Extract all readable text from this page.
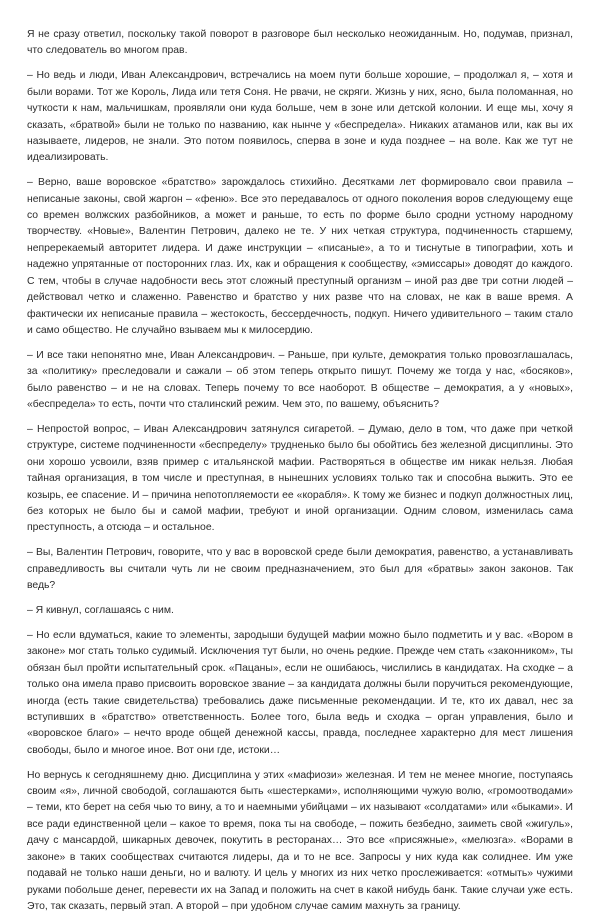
Я не сразу ответил, поскольку такой поворот в разговоре был несколько неожиданным. Но, подумав, признал, что следователь во многом прав.

– Но ведь и люди, Иван Александрович, встречались на моем пути больше хорошие, – продолжал я, – хотя и были ворами. Тот же Король, Лида или тетя Соня. Не рвачи, не скряги. Жизнь у них, ясно, была поломанная, но чуткости к нам, мальчишкам, проявляли они куда больше, чем в зоне или детской колонии. И еще мы, хочу я сказать, «братвой» были не только по названию, как нынче у «беспредела». Никаких атаманов или, как вы их называете, лидеров, не знали. Это потом появилось, сперва в зоне и куда позднее – на воле. Как же тут не идеализировать.

– Верно, ваше воровское «братство» зарождалось стихийно. Десятками лет формировало свои правила – неписаные законы, свой жаргон – «феню». Все это передавалось от одного поколения воров следующему еще со времен волжских разбойников, а может и раньше, то есть по форме было сродни устному народному творчеству. «Новые», Валентин Петрович, далеко не те. У них четкая структура, подчиненность старшему, непререкаемый авторитет лидера. И даже инструкции – «писаные», а то и тиснутые в типографии, хоть и надежно упрятанные от посторонних глаз. Их, как и обращения к сообществу, «эмиссары» доводят до каждого. С тем, чтобы в случае надобности весь этот сложный преступный организм – иной раз две три сотни людей – действовал четко и слаженно. Равенство и братство у них разве что на словах, не как в ваше время. А фактически их неписаные правила – жестокость, бессердечность, подкуп. Ничего удивительного – таким стало и само общество. Не случайно взываем мы к милосердию.

– И все таки непонятно мне, Иван Александрович. – Раньше, при культе, демократия только провозглашалась, за «политику» преследовали и сажали – об этом теперь открыто пишут. Почему же тогда у нас, «босяков», было равенство – и не на словах. Теперь почему то все наоборот. В обществе – демократия, а у «новых», «беспредела» то есть, почти что сталинский режим. Чем это, по вашему, объяснить?

– Непростой вопрос, – Иван Александрович затянулся сигаретой. – Думаю, дело в том, что даже при четкой структуре, системе подчиненности «беспределу» трудненько было бы обойтись без железной дисциплины. Это они хорошо усвоили, взяв пример с итальянской мафии. Растворяться в обществе им никак нельзя. Любая тайная организация, в том числе и преступная, в нынешних условиях только так и способна выжить. Это ее козырь, ее спасение. И – причина непотопляемости ее «корабля». К тому же бизнес и подкуп должностных лиц, без которых не было бы и самой мафии, требуют и иной организации. Одним словом, изменилась сама преступность, а отсюда – и остальное.

– Вы, Валентин Петрович, говорите, что у вас в воровской среде были демократия, равенство, а устанавливать справедливость вы считали чуть ли не своим предназначением, это был для «братвы» закон законов. Так ведь?

– Я кивнул, соглашаясь с ним.

– Но если вдуматься, какие то элементы, зародыши будущей мафии можно было подметить и у вас. «Вором в законе» мог стать только судимый. Исключения тут были, но очень редкие. Прежде чем стать «законником», ты обязан был пройти испытательный срок. «Пацаны», если не ошибаюсь, числились в кандидатах. На сходке – а только она имела право присвоить воровское звание – за кандидата должны были поручиться рекомендующие, иногда (есть такие свидетельства) требовались даже письменные рекомендации. И те, кто их давал, нес за вступивших в «братство» ответственность. Более того, была ведь и сходка – орган управления, было и «воровское благо» – нечто вроде общей денежной кассы, правда, последнее характерно для мест лишения свободы, было и многое иное. Вот они где, истоки…

Но вернусь к сегодняшнему дню. Дисциплина у этих «мафиози» железная. И тем не менее многие, поступаясь своим «я», личной свободой, соглашаются быть «шестерками», исполняющими чужую волю, «громоотводами» – теми, кто берет на себя чью то вину, а то и наемными убийцами – их называют «солдатами» или «быками». И все ради единственной цели – какое то время, пока ты на свободе, – пожить безбедно, заиметь свой «жигуль», дачу с мансардой, шикарных девочек, покутить в ресторанах… Это все «присяжные», «мелюзга». «Ворами в законе» в таких сообществах считаются лидеры, да и то не все. Запросы у них куда как солиднее. Им уже подавай не только наши деньги, но и валюту. И цель у многих из них четко прослеживается: «отмыть» чужими руками побольше денег, перевести их на Запад и положить на счет в какой нибудь банк. Такие случаи уже есть. Это, так сказать, первый этап. А второй – при удобном случае самим махнуть за границу.
